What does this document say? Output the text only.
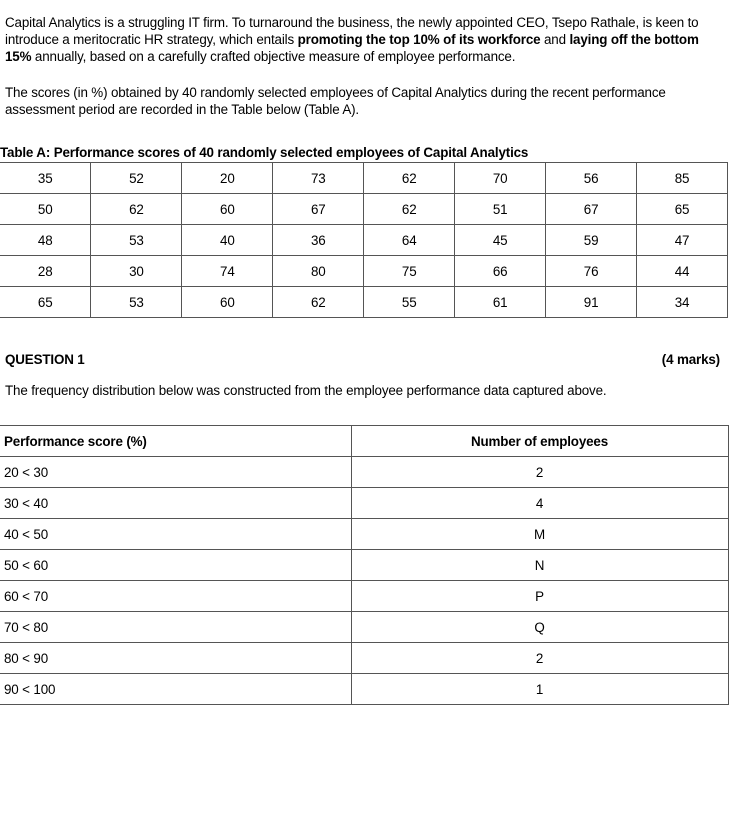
Capital Analytics is a struggling IT firm. To turnaround the business, the newly appointed CEO, Tsepo Rathale, is keen to introduce a meritocratic HR strategy, which entails promoting the top 10% of its workforce and laying off the bottom 15% annually, based on a carefully crafted objective measure of employee performance.

The scores (in %) obtained by 40 randomly selected employees of Capital Analytics during the recent performance assessment period are recorded in the Table below (Table A).

Table A: Performance scores of 40 randomly selected employees of Capital Analytics
35	52	20	73	62	70	56	85
50	62	60	67	62	51	67	65
48	53	40	36	64	45	59	47
28	30	74	80	75	66	76	44
65	53	60	62	55	61	91	34
QUESTION 1	(4 marks)
The frequency distribution below was constructed from the employee performance data captured above.
Performance score (%)	Number of employees
20 < 30	2
30 < 40	4
40 < 50	M
50 < 60	N
60 < 70	P
70 < 80	Q
80 < 90	2
90 < 100	1
